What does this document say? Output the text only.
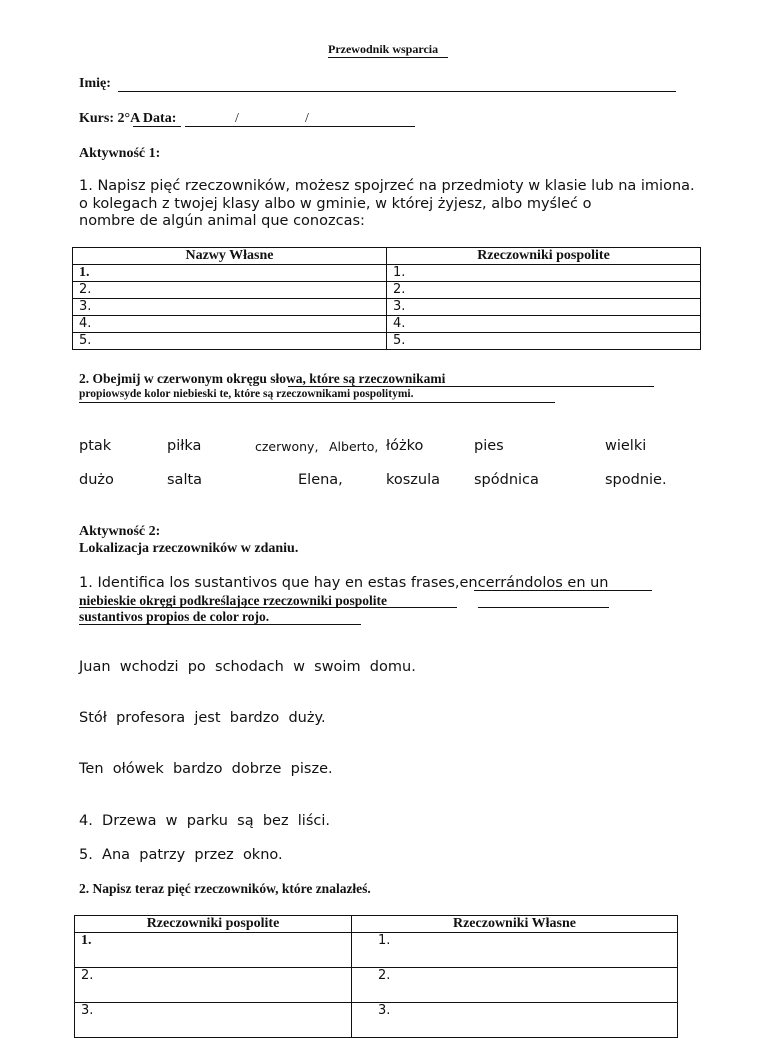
Przewodnik wsparcia
Imię:
Kurs: 2°A Data:	/	/
Aktywność 1:
1. Napisz pięć rzeczowników, możesz spojrzeć na przedmioty w klasie lub na imiona.
o kolegach z twojej klasy albo w gminie, w której żyjesz, albo myśleć o
nombre de algún animal que conozcas:
Nazwy Własne	Rzeczowniki pospolite
1.	1.
2.	2.
3.	3.
4.	4.
5.	5.
2. Obejmij w czerwonym okręgu słowa, które są rzeczownikami
propiowsyde kolor niebieski te, które są rzeczownikami pospolitymi.
ptak	piłka	czerwony, Alberto, łóżko	pies	wielki
dużo	salta	Elena,	koszula spódnica	spodnie.
Aktywność 2:
Lokalizacja rzeczowników w zdaniu.
1. Identifica los sustantivos que hay en estas frases,encerrándolos en un
niebieskie okręgi podkreślające rzeczowniki pospolite
sustantivos propios de color rojo.
Juan  wchodzi  po  schodach  w  swoim  domu.
Stół  profesora  jest  bardzo  duży.
Ten  ołówek  bardzo  dobrze  pisze.
4.  Drzewa  w  parku  są  bez  liści.
5.  Ana  patrzy  przez  okno.
2. Napisz teraz pięć rzeczowników, które znalazłeś.
Rzeczowniki pospolite	Rzeczowniki Własne
1.	1.
2.	2.
3.	3.
